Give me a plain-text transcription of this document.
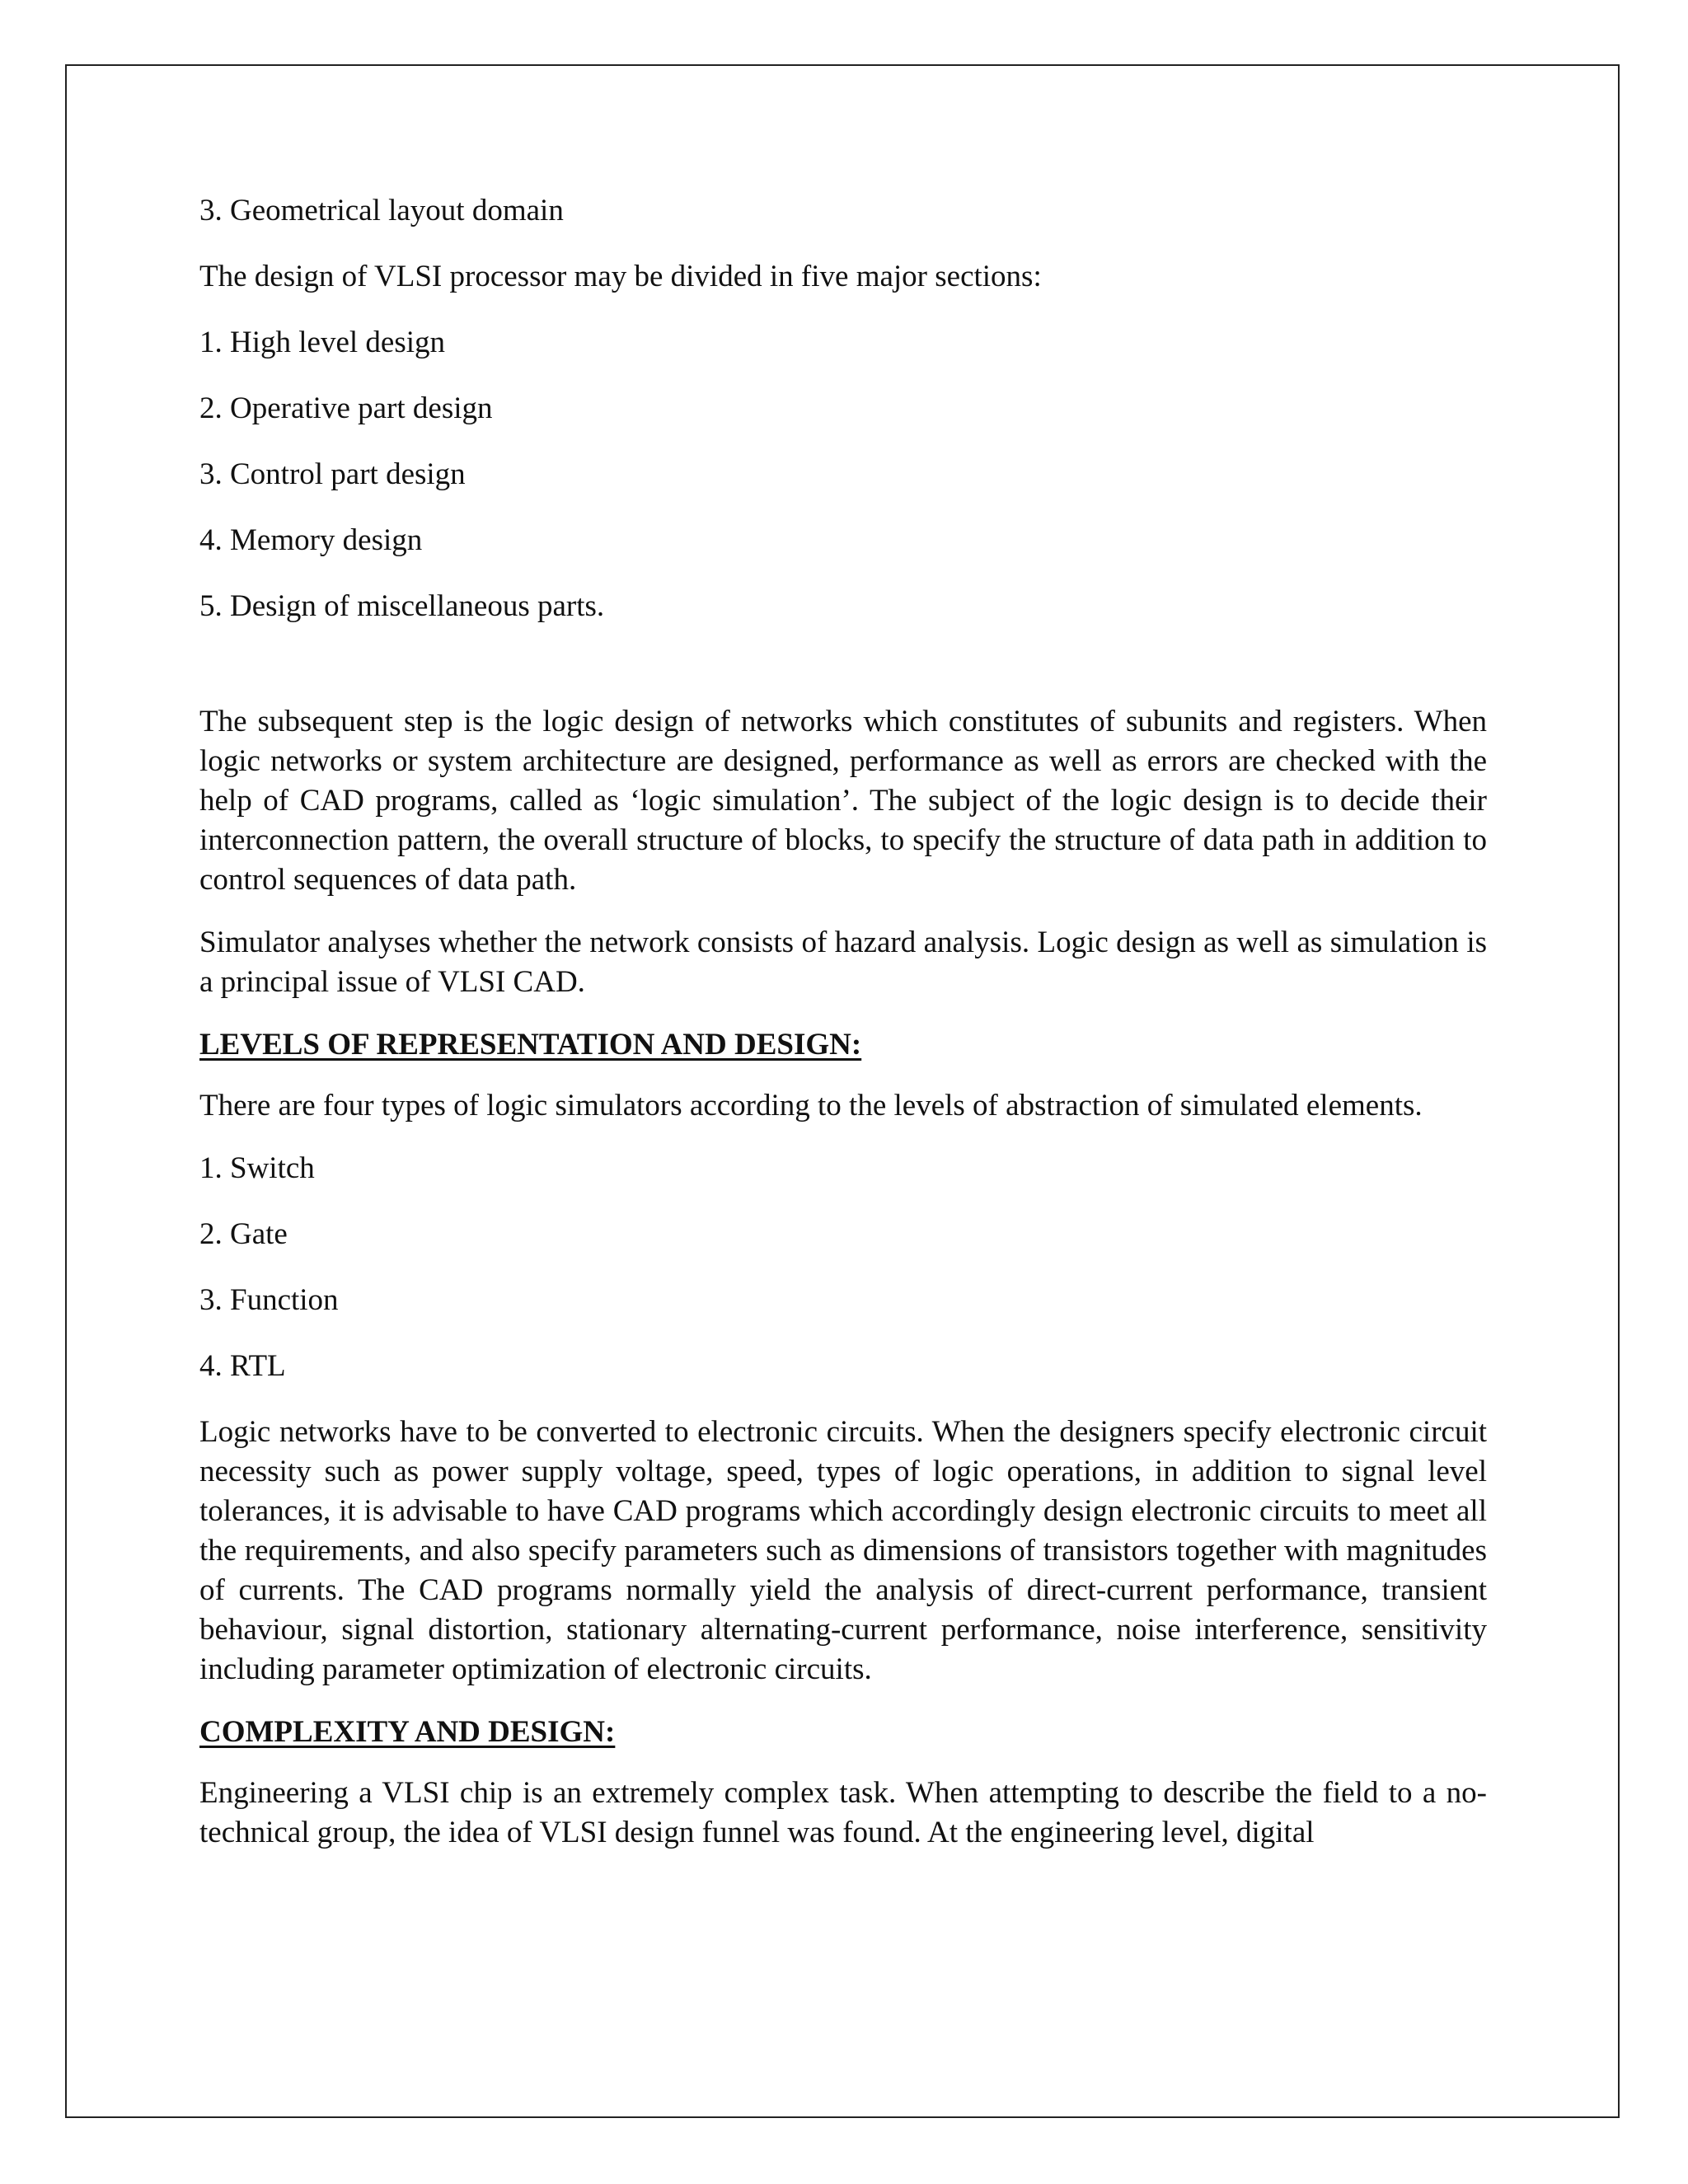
3. Geometrical layout domain

The design of VLSI processor may be divided in five major sections:

1. High level design

2. Operative part design

3. Control part design

4. Memory design

5. Design of miscellaneous parts.

The subsequent step is the logic design of networks which constitutes of subunits and registers. When logic networks or system architecture are designed, performance as well as errors are checked with the help of CAD programs, called as ‘logic simulation’. The subject of the logic design is to decide their interconnection pattern, the overall structure of blocks, to specify the structure of data path in addition to control sequences of data path.

Simulator analyses whether the network consists of hazard analysis. Logic design as well as simulation is a principal issue of VLSI CAD.

LEVELS OF REPRESENTATION AND DESIGN:

There are four types of logic simulators according to the levels of abstraction of simulated elements.

1. Switch

2. Gate

3. Function

4. RTL

Logic networks have to be converted to electronic circuits. When the designers specify electronic circuit necessity such as power supply voltage, speed, types of logic operations, in addition to signal level tolerances, it is advisable to have CAD programs which accordingly design electronic circuits to meet all the requirements, and also specify parameters such as dimensions of transistors together with magnitudes of currents. The CAD programs normally yield the analysis of direct-current performance, transient behaviour, signal distortion, stationary alternating-current performance, noise interference, sensitivity including parameter optimization of electronic circuits.

COMPLEXITY AND DESIGN:

Engineering a VLSI chip is an extremely complex task. When attempting to describe the field to a no-technical group, the idea of VLSI design funnel was found. At the engineering level, digital
